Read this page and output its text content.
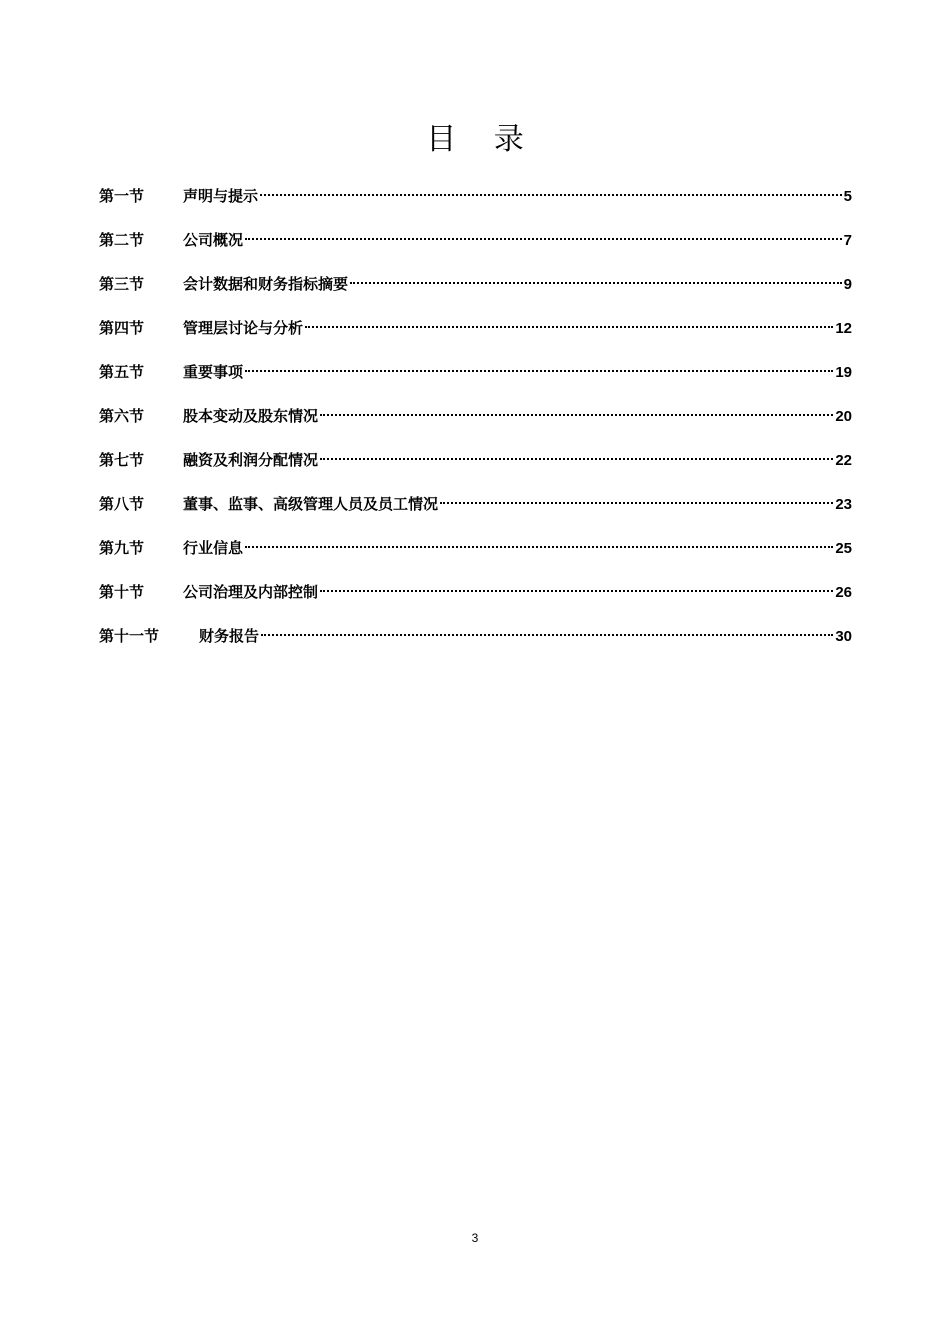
目 录
第一节	声明与提示	5
第二节	公司概况	7
第三节	会计数据和财务指标摘要	9
第四节	管理层讨论与分析	12
第五节	重要事项	19
第六节	股本变动及股东情况	20
第七节	融资及利润分配情况	22
第八节	董事、监事、高级管理人员及员工情况	23
第九节	行业信息	25
第十节	公司治理及内部控制	26
第十一节	财务报告	30
3
